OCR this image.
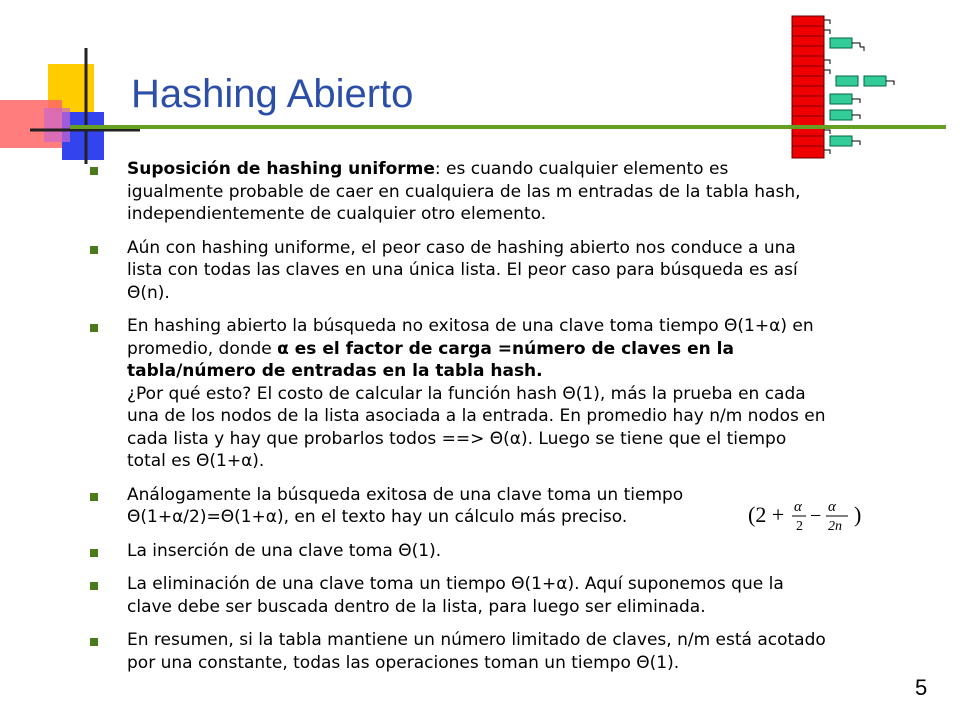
Hashing Abierto
Suposición de hashing uniforme: es cuando cualquier elemento es igualmente probable de caer en cualquiera de las m entradas de la tabla hash, independientemente de cualquier otro elemento.
Aún con hashing uniforme, el peor caso de hashing abierto nos conduce a una lista con todas las claves en una única lista. El peor caso para búsqueda es así Θ(n).
En hashing abierto la búsqueda no exitosa de una clave toma tiempo Θ(1+α) en promedio, donde α es el factor de carga =número de claves en la tabla/número de entradas en la tabla hash.
¿Por qué esto? El costo de calcular la función hash Θ(1), más la prueba en cada una de los nodos de la lista asociada a la entrada. En promedio hay n/m nodos en cada lista y hay que probarlos todos ==> Θ(α). Luego se tiene que el tiempo total es Θ(1+α).
Análogamente la búsqueda exitosa de una clave toma un tiempo Θ(1+α/2)=Θ(1+α), en el texto hay un cálculo más preciso.
La inserción de una clave toma Θ(1).
La eliminación de una clave toma un tiempo Θ(1+α). Aquí suponemos que la clave debe ser buscada dentro de la lista, para luego ser eliminada.
En resumen, si la tabla mantiene un número limitado de claves, n/m está acotado por una constante, todas las operaciones toman un tiempo Θ(1).
(2 + α
2 − α
2n )
5
